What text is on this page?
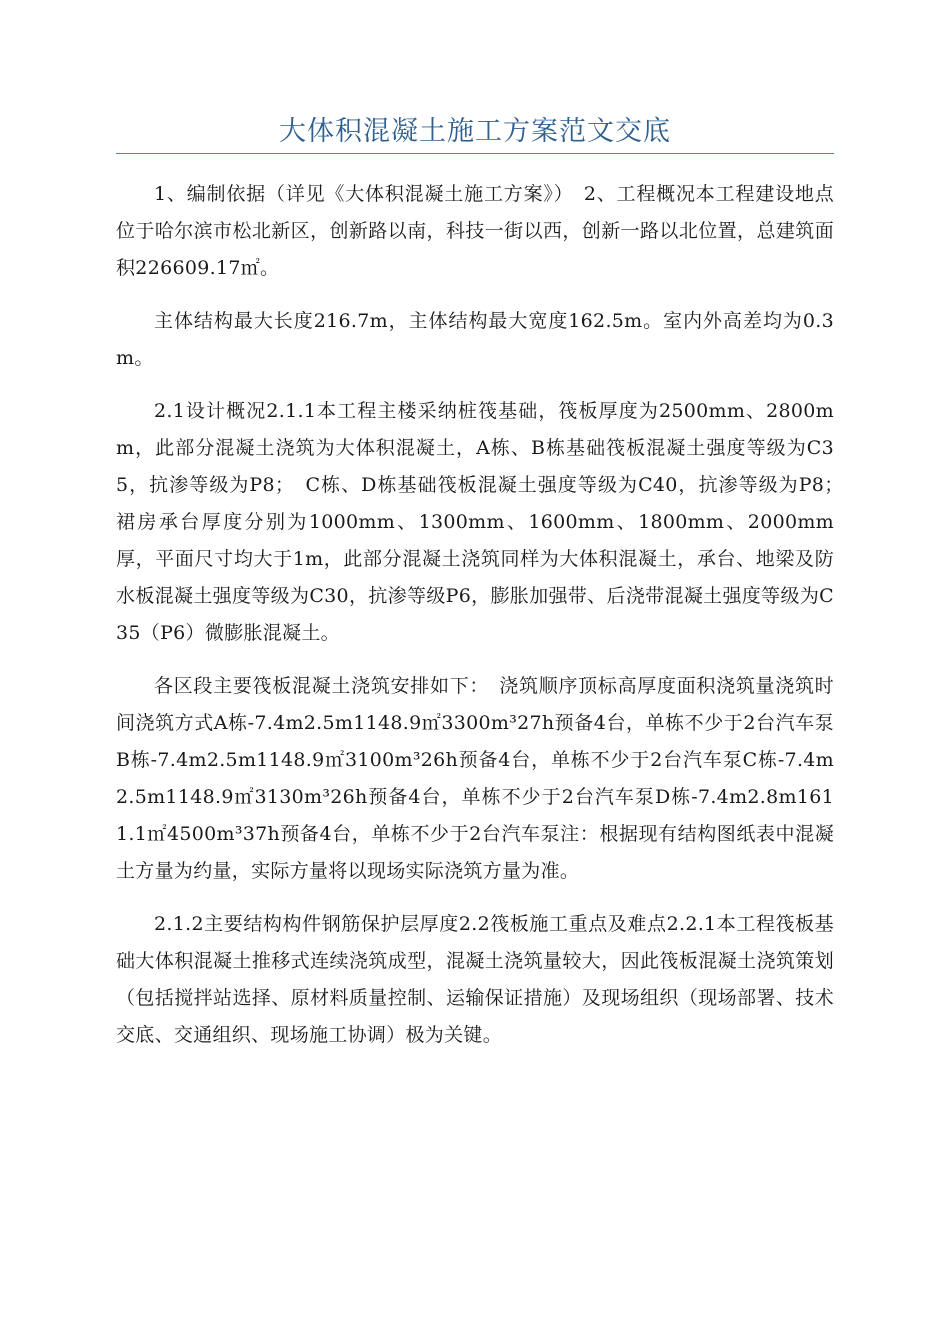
大体积混凝土施工方案范文交底

1、编制依据（详见《大体积混凝土施工方案》）　2、工程概况本工程建设地点位于哈尔滨市松北新区，创新路以南，科技一街以西，创新一路以北位置，总建筑面积226609.17㎡。

主体结构最大长度216.7m，主体结构最大宽度162.5m。室内外高差均为0.3m。

2.1设计概况2.1.1本工程主楼采纳桩筏基础，筏板厚度为2500mm、2800mm，此部分混凝土浇筑为大体积混凝土，A栋、B栋基础筏板混凝土强度等级为C35，抗渗等级为P8；　C栋、D栋基础筏板混凝土强度等级为C40，抗渗等级为P8；　裙房承台厚度分别为1000mm、1300mm、1600mm、1800mm、2000mm厚，平面尺寸均大于1m，此部分混凝土浇筑同样为大体积混凝土，承台、地梁及防水板混凝土强度等级为C30，抗渗等级P6，膨胀加强带、后浇带混凝土强度等级为C35（P6）微膨胀混凝土。

各区段主要筏板混凝土浇筑安排如下：　浇筑顺序顶标高厚度面积浇筑量浇筑时间浇筑方式A栋-7.4m2.5m1148.9㎡3300m³27h预备4台，单栋不少于2台汽车泵B栋-7.4m2.5m1148.9㎡3100m³26h预备4台，单栋不少于2台汽车泵C栋-7.4m2.5m1148.9㎡3130m³26h预备4台，单栋不少于2台汽车泵D栋-7.4m2.8m1611.1㎡4500m³37h预备4台，单栋不少于2台汽车泵注：根据现有结构图纸表中混凝土方量为约量，实际方量将以现场实际浇筑方量为准。

2.1.2主要结构构件钢筋保护层厚度2.2筏板施工重点及难点2.2.1本工程筏板基础大体积混凝土推移式连续浇筑成型，混凝土浇筑量较大，因此筏板混凝土浇筑策划（包括搅拌站选择、原材料质量控制、运输保证措施）及现场组织（现场部署、技术交底、交通组织、现场施工协调）极为关键。
